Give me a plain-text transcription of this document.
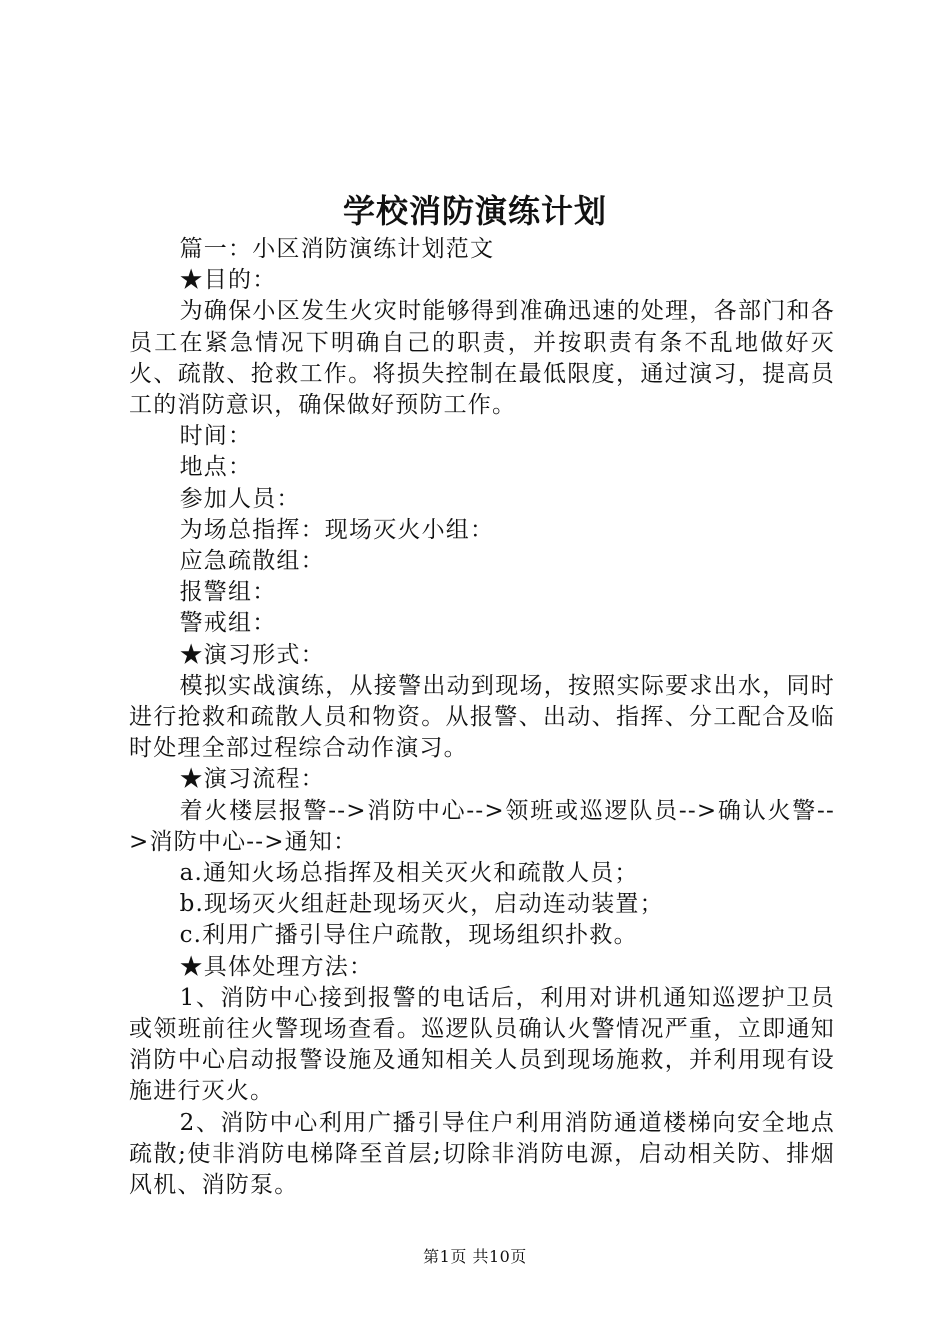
学校消防演练计划

篇一：小区消防演练计划范文

★目的：

为确保小区发生火灾时能够得到准确迅速的处理，各部门和各员工在紧急情况下明确自己的职责，并按职责有条不乱地做好灭火、疏散、抢救工作。将损失控制在最低限度，通过演习，提高员工的消防意识，确保做好预防工作。

时间：

地点：

参加人员：

为场总指挥：现场灭火小组：

应急疏散组：

报警组：

警戒组：

★演习形式：

模拟实战演练，从接警出动到现场，按照实际要求出水，同时进行抢救和疏散人员和物资。从报警、出动、指挥、分工配合及临时处理全部过程综合动作演习。

★演习流程：

着火楼层报警-->消防中心-->领班或巡逻队员-->确认火警-->消防中心-->通知：

a.通知火场总指挥及相关灭火和疏散人员；

b.现场灭火组赶赴现场灭火，启动连动装置；

c.利用广播引导住户疏散，现场组织扑救。

★具体处理方法：

1、消防中心接到报警的电话后，利用对讲机通知巡逻护卫员或领班前往火警现场查看。巡逻队员确认火警情况严重，立即通知消防中心启动报警设施及通知相关人员到现场施救，并利用现有设施进行灭火。

2、消防中心利用广播引导住户利用消防通道楼梯向安全地点疏散;使非消防电梯降至首层;切除非消防电源，启动相关防、排烟风机、消防泵。

第1页 共10页
